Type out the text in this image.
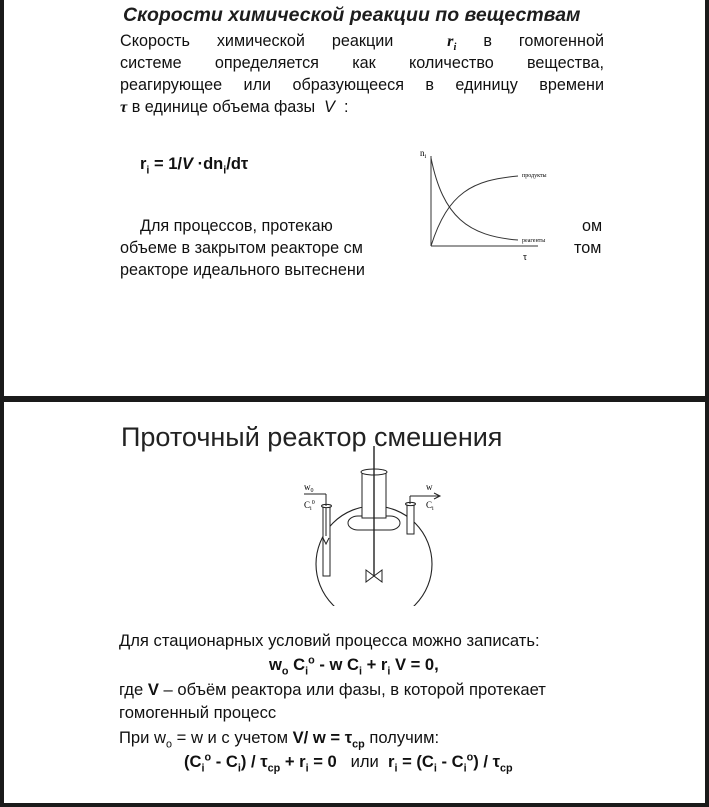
Скорости химической реакции по веществам
Скорость химической реакции	$r_i$ в гомогенной
системе определяется как количество вещества,
реагирующее или образующееся в единицу времени
τ в единице объема фазы V :
$r_i = 1/V \cdot dn_i/d\tau$
Для процессов, протекаю
объеме в закрытом реакторе см
реакторе идеального вытеснени
$n_i$
τ
продукты
реагенты
ом
том
Проточный реактор смешения
$w_0$
$C_i^0$
w
$C_i$
Для стационарных условий процесса можно записать:
$w_o$ $C_i^o$ - w $C_i + r_i$ V = 0,
где V – объём реактора или фазы, в которой протекает
гомогенный процесс
При $w_o = w$ и с учетом V/ $w = \tau_{ср}$ получим:
$(C_i^o - C_i) / \tau_{ср} + r_i = 0$ или $r_i = (C_i - C_i^o) / \tau_{ср}$
